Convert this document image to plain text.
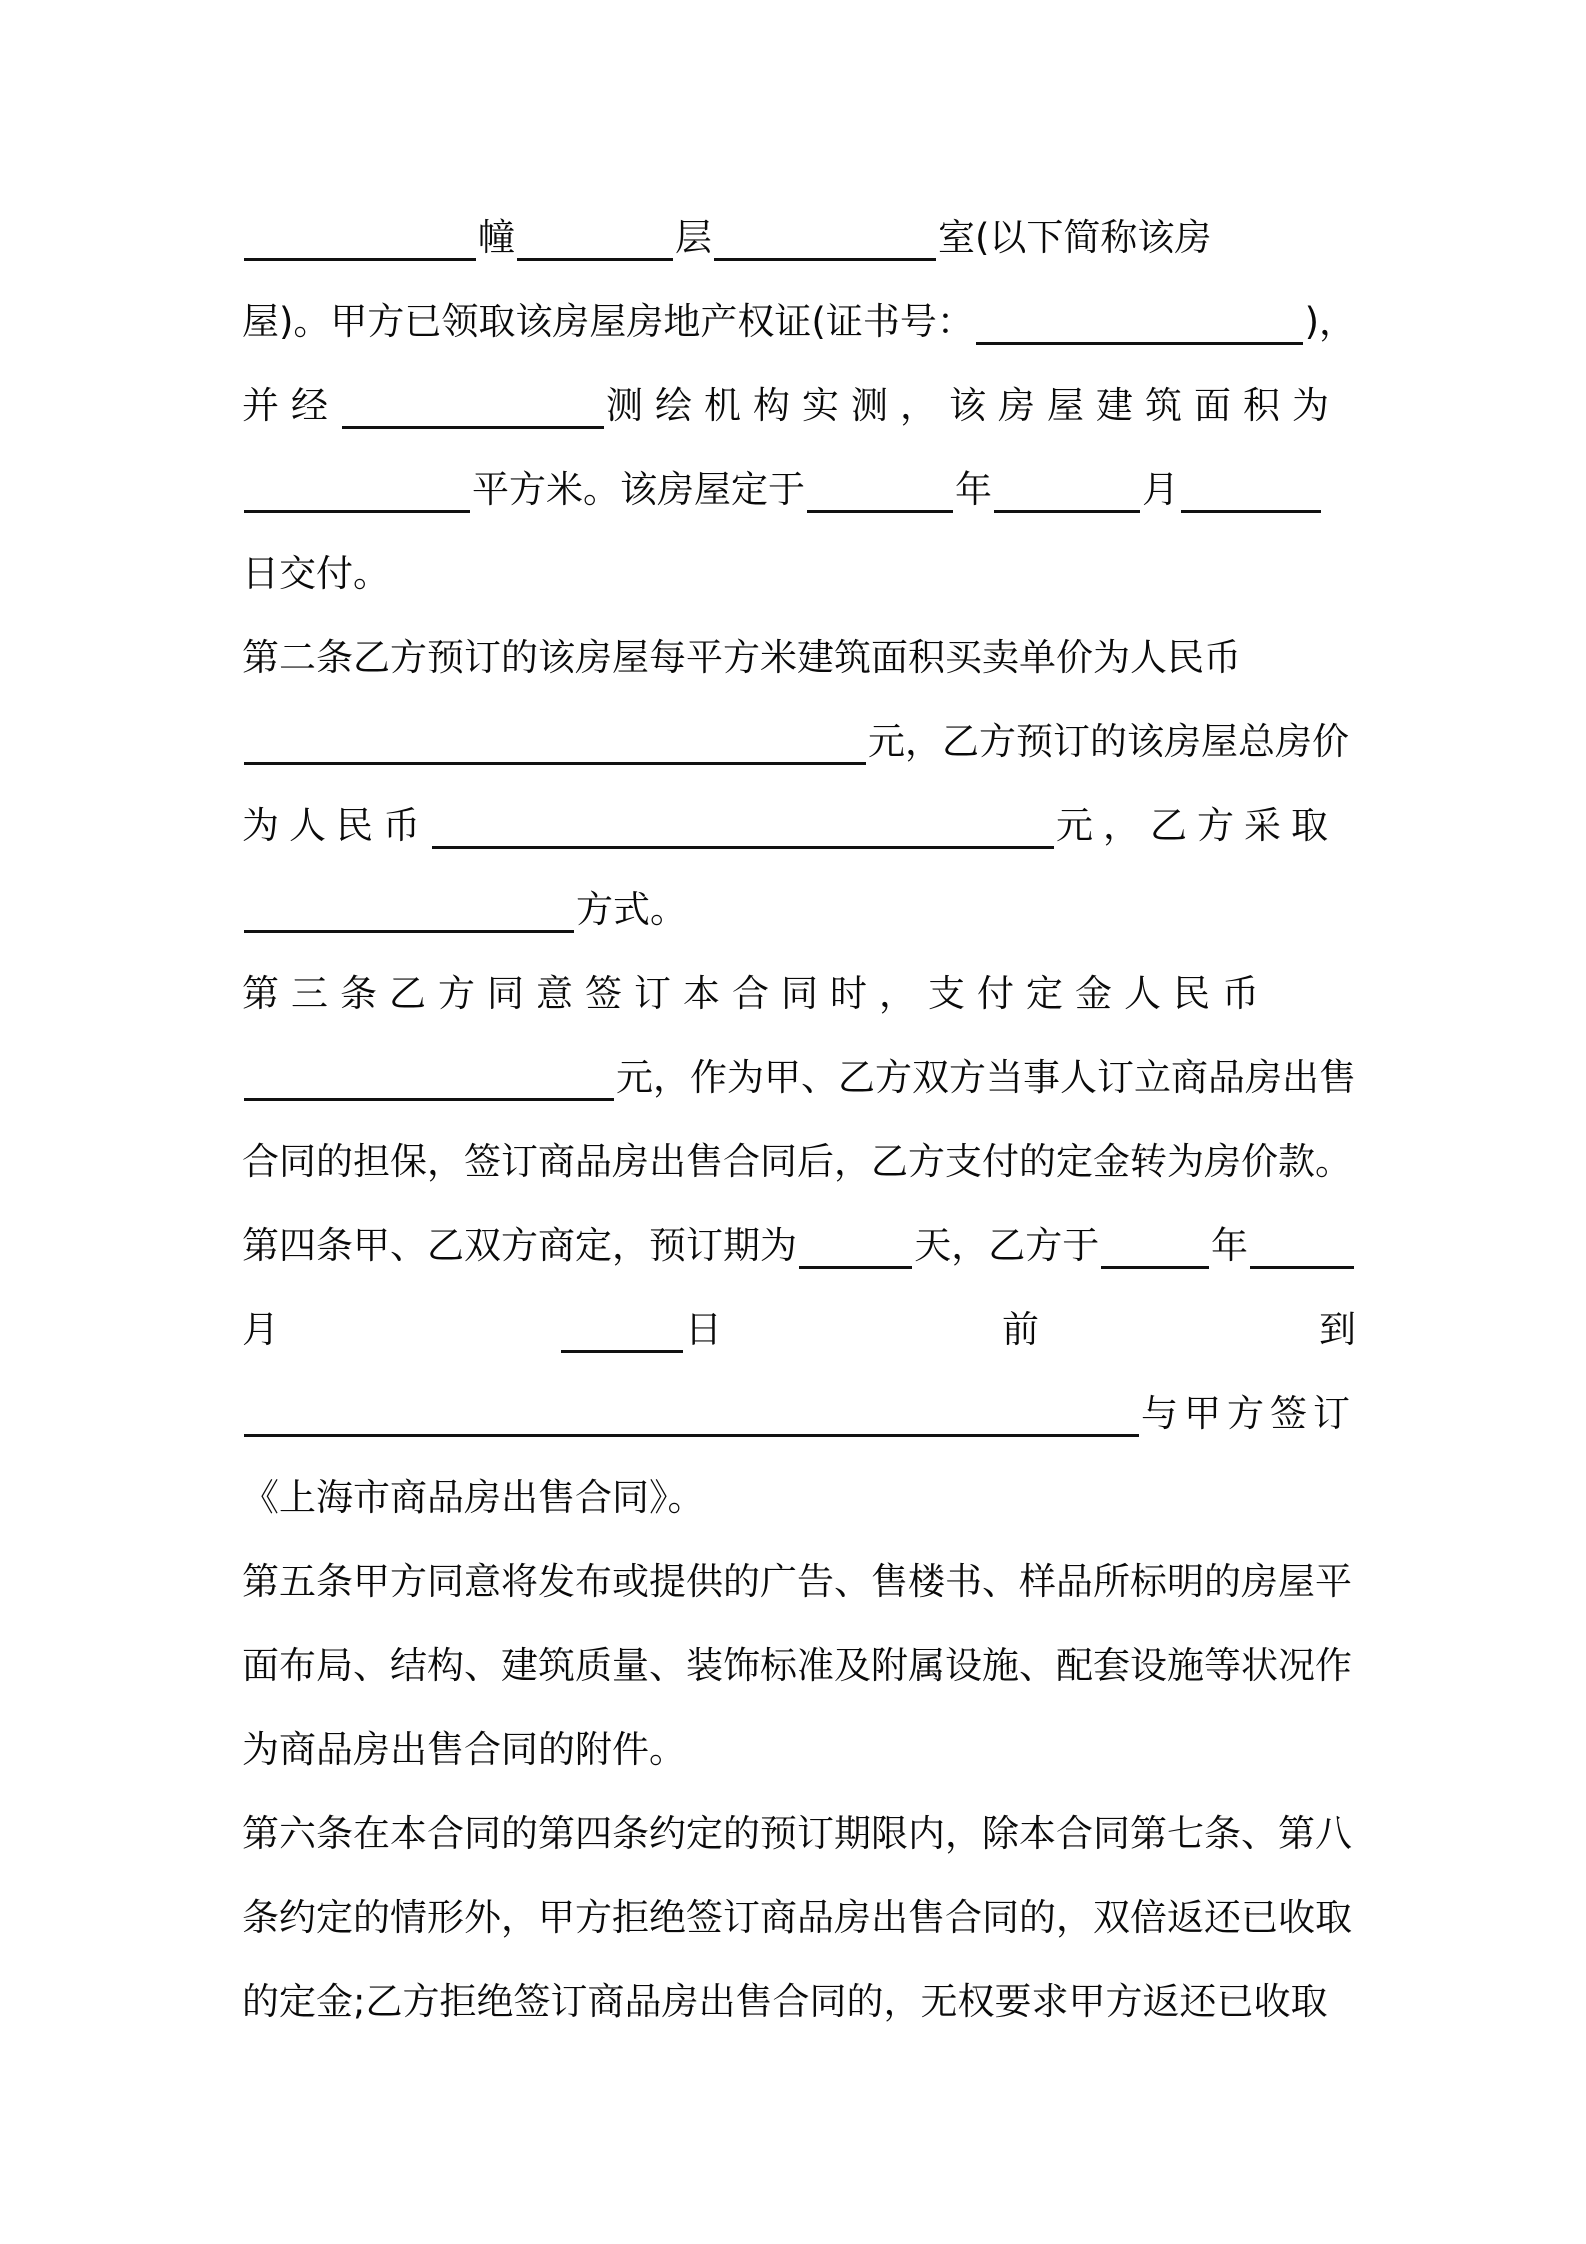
幢	层	室(以下简称该房
屋)。甲方已领取该房屋房地产权证(证书号：	)，
并经	测绘机构实测，该房屋建筑面积为
平方米。该房屋定于	年	月
日交付。
第二条乙方预订的该房屋每平方米建筑面积买卖单价为人民币
元，乙方预订的该房屋总房价
为人民币	元，乙方采取
方式。
第三条乙方同意签订本合同时，支付定金人民币
元，作为甲、乙方双方当事人订立商品房出售
合同的担保，签订商品房出售合同后，乙方支付的定金转为房价款。
第四条甲、乙双方商定，预订期为	天，乙方于	年
月	日	前	到
与甲方签订
《上海市商品房出售合同》。
第五条甲方同意将发布或提供的广告、售楼书、样品所标明的房屋平
面布局、结构、建筑质量、装饰标准及附属设施、配套设施等状况作
为商品房出售合同的附件。
第六条在本合同的第四条约定的预订期限内，除本合同第七条、第八
条约定的情形外，甲方拒绝签订商品房出售合同的，双倍返还已收取
的定金;乙方拒绝签订商品房出售合同的，无权要求甲方返还已收取
